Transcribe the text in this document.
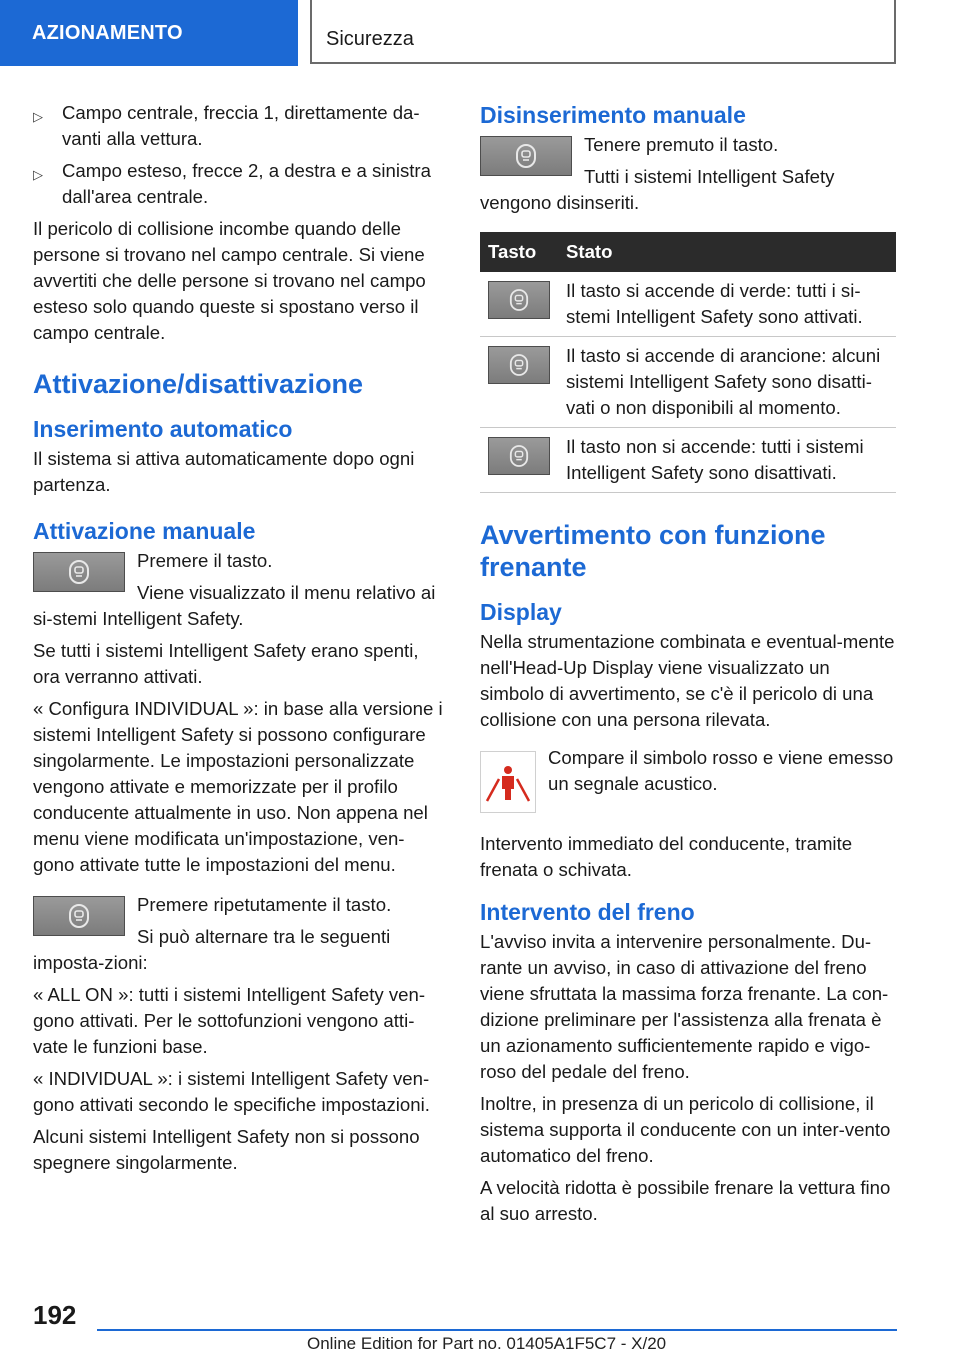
AZIONAMENTO	Sicurezza
▷ Campo centrale, freccia 1, direttamente da-vanti alla vettura.
▷ Campo esteso, frecce 2, a destra e a sinistra dall'area centrale.

Il pericolo di collisione incombe quando delle persone si trovano nel campo centrale. Si viene avvertiti che delle persone si trovano nel campo esteso solo quando queste si spostano verso il campo centrale.

Attivazione/disattivazione
Inserimento automatico

Il sistema si attiva automaticamente dopo ogni partenza.

Attivazione manuale

Premere il tasto.

Viene visualizzato il menu relativo ai si-stemi Intelligent Safety.

Se tutti i sistemi Intelligent Safety erano spenti, ora verranno attivati.

« Configura INDIVIDUAL »: in base alla versione i sistemi Intelligent Safety si possono configurare singolarmente. Le impostazioni personalizzate vengono attivate e memorizzate per il profilo conducente attualmente in uso. Non appena nel menu viene modificata un'impostazione, ven-gono attivate tutte le impostazioni del menu.

Premere ripetutamente il tasto.

Si può alternare tra le seguenti imposta-zioni:

« ALL ON »: tutti i sistemi Intelligent Safety ven-gono attivati. Per le sottofunzioni vengono atti-vate le funzioni base.

« INDIVIDUAL »: i sistemi Intelligent Safety ven-gono attivati secondo le specifiche impostazioni.

Alcuni sistemi Intelligent Safety non si possono spegnere singolarmente.

Disinserimento manuale

Tenere premuto il tasto.

Tutti i sistemi Intelligent Safety vengono disinseriti.

Tasto	Stato

	Il tasto si accende di verde: tutti i si-stemi Intelligent Safety sono attivati.

	Il tasto si accende di arancione: alcuni sistemi Intelligent Safety sono disatti-vati o non disponibili al momento.

	Il tasto non si accende: tutti i sistemi Intelligent Safety sono disattivati.
Avvertimento con funzione frenante
Display

Nella strumentazione combinata e eventual-mente nell'Head-Up Display viene visualizzato un simbolo di avvertimento, se c'è il pericolo di una collisione con una persona rilevata.

Compare il simbolo rosso e viene emesso un segnale acustico.

Intervento immediato del conducente, tramite frenata o schivata.

Intervento del freno

L'avviso invita a intervenire personalmente. Du-rante un avviso, in caso di attivazione del freno viene sfruttata la massima forza frenante. La con-dizione preliminare per l'assistenza alla frenata è un azionamento sufficientemente rapido e vigo-roso del pedale del freno.

Inoltre, in presenza di un pericolo di collisione, il sistema supporta il conducente con un inter-vento automatico del freno.

A velocità ridotta è possibile frenare la vettura fino al suo arresto.

192
Online Edition for Part no. 01405A1F5C7 - X/20
